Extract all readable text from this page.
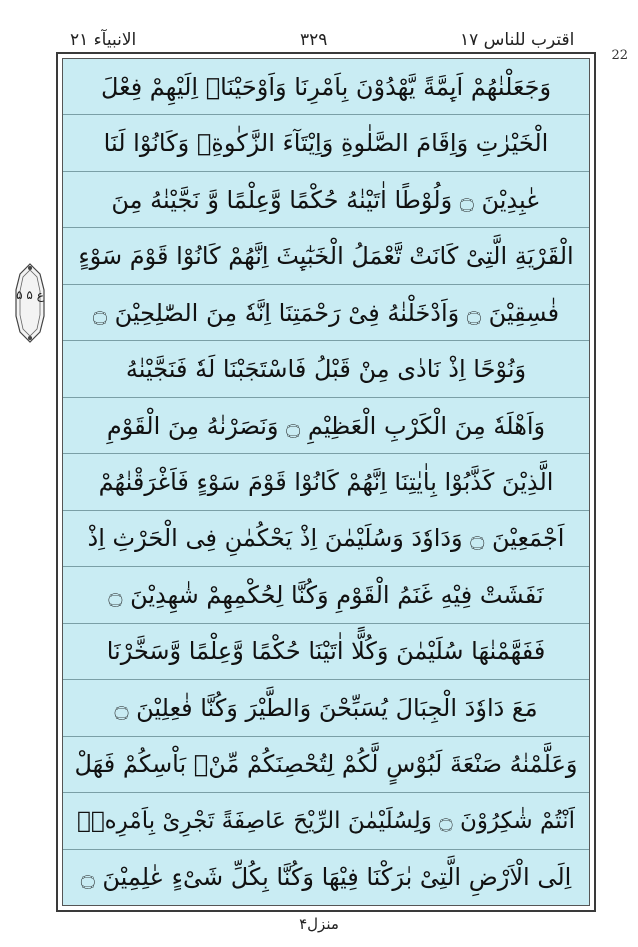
الانبیآء ۲۱	۳۲۹	اقترب للناس ۱۷
22
ع ۵ ۵
وَجَعَلْنٰهُمْ اَىِٕمَّةً یَّهْدُوْنَ بِاَمْرِنَا وَاَوْحَیْنَاۤ اِلَیْهِمْ فِعْلَ
الْخَیْرٰتِ وَاِقَامَ الصَّلٰوةِ وَاِیْتَآءَ الزَّكٰوةِۚ وَكَانُوْا لَنَا
عٰبِدِیْنَ ۝ وَلُوْطًا اٰتَیْنٰهُ حُكْمًا وَّعِلْمًا وَّ نَجَّیْنٰهُ مِنَ
الْقَرْیَةِ الَّتِیْ كَانَتْ تَّعْمَلُ الْخَبٰٓىِٕثَ اِنَّهُمْ كَانُوْا قَوْمَ سَوْءٍ
فٰسِقِیْنَ ۝ وَاَدْخَلْنٰهُ فِیْ رَحْمَتِنَا اِنَّهٗ مِنَ الصّٰلِحِیْنَ ۝
وَنُوْحًا اِذْ نَادٰی مِنْ قَبْلُ فَاسْتَجَبْنَا لَهٗ فَنَجَّیْنٰهُ
وَاَهْلَهٗ مِنَ الْكَرْبِ الْعَظِیْمِ ۝ وَنَصَرْنٰهُ مِنَ الْقَوْمِ
الَّذِیْنَ كَذَّبُوْا بِاٰیٰتِنَا اِنَّهُمْ كَانُوْا قَوْمَ سَوْءٍ فَاَغْرَقْنٰهُمْ
اَجْمَعِیْنَ ۝ وَدَاوٗدَ وَسُلَیْمٰنَ اِذْ یَحْكُمٰنِ فِی الْحَرْثِ اِذْ
نَفَشَتْ فِیْهِ غَنَمُ الْقَوْمِ وَكُنَّا لِحُكْمِهِمْ شٰهِدِیْنَ ۝
فَفَهَّمْنٰهَا سُلَیْمٰنَ وَكُلًّا اٰتَیْنَا حُكْمًا وَّعِلْمًا وَّسَخَّرْنَا
مَعَ دَاوٗدَ الْجِبَالَ یُسَبِّحْنَ وَالطَّیْرَ وَكُنَّا فٰعِلِیْنَ ۝
وَعَلَّمْنٰهُ صَنْعَةَ لَبُوْسٍ لَّكُمْ لِتُحْصِنَكُمْ مِّنْۢ بَاْسِكُمْ فَهَلْ
اَنْتُمْ شٰكِرُوْنَ ۝ وَلِسُلَیْمٰنَ الرِّیْحَ عَاصِفَةً تَجْرِیْ بِاَمْرِهٖۤ
اِلَی الْاَرْضِ الَّتِیْ بٰرَكْنَا فِیْهَا وَكُنَّا بِكُلِّ شَیْءٍ عٰلِمِیْنَ ۝
منزل۴
